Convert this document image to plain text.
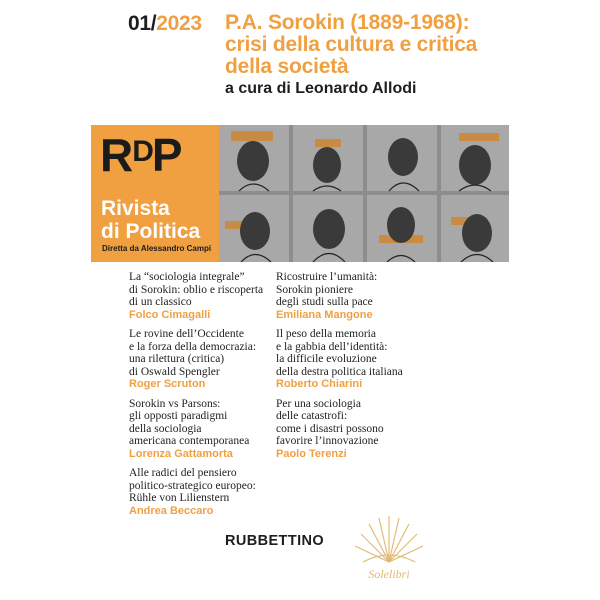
01/2023 P.A. Sorokin (1889-1968): crisi della cultura e critica della società
a cura di Leonardo Allodi
$R^DP$
Rivista
di Politica
Diretta da Alessandro Campi
La “sociologia integrale”
di Sorokin: oblio e riscoperta
di un classico
Folco Cimagalli
Le rovine dell’Occidente
e la forza della democrazia:
una rilettura (critica)
di Oswald Spengler
Roger Scruton
Sorokin vs Parsons:
gli opposti paradigmi
della sociologia
americana contemporanea
Lorenza Gattamorta
Alle radici del pensiero
politico-strategico europeo:
Rühle von Lilienstern
Andrea Beccaro
Ricostruire l’umanità:
Sorokin pioniere
degli studi sulla pace
Emiliana Mangone
Il peso della memoria
e la gabbia dell’identità:
la difficile evoluzione
della destra politica italiana
Roberto Chiarini
Per una sociologia
delle catastrofi:
come i disastri possono
favorire l’innovazione
Paolo Terenzi
RUBBETTINO
Solelibri
